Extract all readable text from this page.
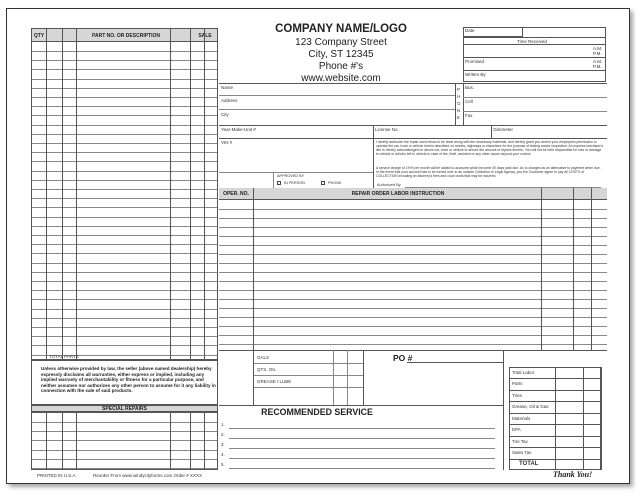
QTY	PART NO. OR DESCRIPTION	SALE
TOTAL PARTS
Unless otherwise provided by law, the seller (above named dealership) hereby expressly disclaims all warranties, either express or implied, including any implied warranty of merchantability or fitness for a particular purpose, and neither assumes nor authorizes any other person to assume for it any liability in connection with the sale of said products.
SPECIAL REPAIRS
COMPANY NAME/LOGO
123 Company Street
City, ST 12345
Phone #'s
www.website.com
Date
Time Received
A.M.
P.M.
Promised	A.M.
P.M.
Written By
Name
Address
City
P
H
O
N
E
Bus.
Cell
Fax
Year-Make-Unit #	License No.	Odometer
VIN #	I hereby authorize the repair work below to be done along with the necessary materials, and hereby grant you and/or your employees permission to operate the car, truck or vehicle herein described on streets, highways or elsewhere for the purpose of testing and/or inspection. An express mechanic's lien is hereby acknowledged on above car, truck or vehicle to secure the amount of repairs thereto. You will not be held responsible for loss or damage to vehicle or articles left in vehicle in case of fire, theft, accident or any other cause beyond your control.
A service charge of 1½% per month will be added to accounts which become 30 days past due. As to charges as an alternative to payment when due. In the event that your account has to be turned over to an outside Collection or Legal Agency, you the Customer agree to pay all COSTS of COLLECTION including an attorney's fees and court costs that may be incurred.
Authorized By
APPROVED BY
IN PERSON	PHONE
OPER. NO.	REPAIR ORDER LABOR INSTRUCTION
GALS
QTS. OIL
GREASE / LUBE
PO #
RECOMMENDED SERVICE
1.
2.
3.
4.
5.
Total Labor
Parts
Tires
Grease, Oil & Gas
Materials
EPA
Tire Tax
Sales Tax
TOTAL
PRINTED IN U.S.A.	Reorder From www.windycityforms.com Order # XXXX	Thank You!
